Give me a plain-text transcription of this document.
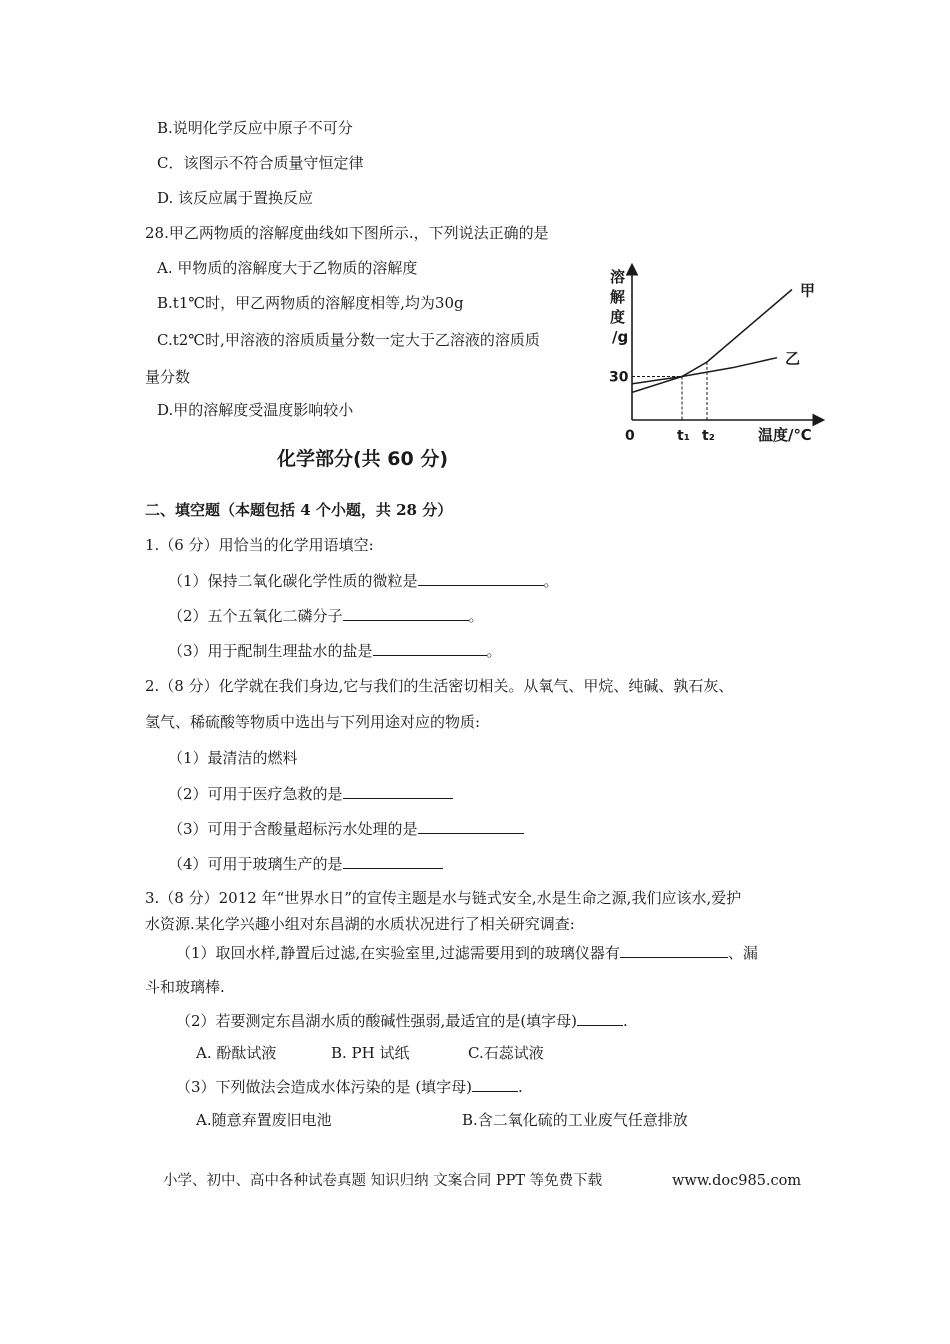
B.说明化学反应中原子不可分
C．该图示不符合质量守恒定律
D. 该反应属于置换反应
28.甲乙两物质的溶解度曲线如下图所示.，下列说法正确的是
A. 甲物质的溶解度大于乙物质的溶解度
B.t1℃时，甲乙两物质的溶解度相等,均为30g
C.t2℃时,甲溶液的溶质质量分数一定大于乙溶液的溶质质
量分数
D.甲的溶解度受温度影响较小
甲
乙
溶
解
度
/g
30
0	t₁ t₂	温度/℃
化学部分(共 60 分)
二、填空题（本题包括 4 个小题，共 28 分）
1.（6 分）用恰当的化学用语填空:
（1）保持二氧化碳化学性质的微粒是	。
（2）五个五氧化二磷分子	。
（3）用于配制生理盐水的盐是	。
2.（8 分）化学就在我们身边,它与我们的生活密切相关。从氧气、甲烷、纯碱、孰石灰、
氢气、稀硫酸等物质中选出与下列用途对应的物质:
（1）最清洁的燃料
（2）可用于医疗急救的是
（3）可用于含酸量超标污水处理的是
（4）可用于玻璃生产的是
3.（8 分）2012 年“世界水日”的宣传主题是水与链式安全,水是生命之源,我们应该水,爱护
水资源.某化学兴趣小组对东昌湖的水质状况进行了相关研究调查:
（1）取回水样,静置后过滤,在实验室里,过滤需要用到的玻璃仪器有	、漏
斗和玻璃棒.
（2）若要测定东昌湖水质的酸碱性强弱,最适宜的是(填字母)	.
A. 酚酞试液	B. PH 试纸	C.石蕊试液
（3）下列做法会造成水体污染的是 (填字母)	.
A.随意弃置废旧电池	B.含二氧化硫的工业废气任意排放
小学、初中、高中各种试卷真题 知识归纳 文案合同 PPT 等免费下载	www.doc985.com
